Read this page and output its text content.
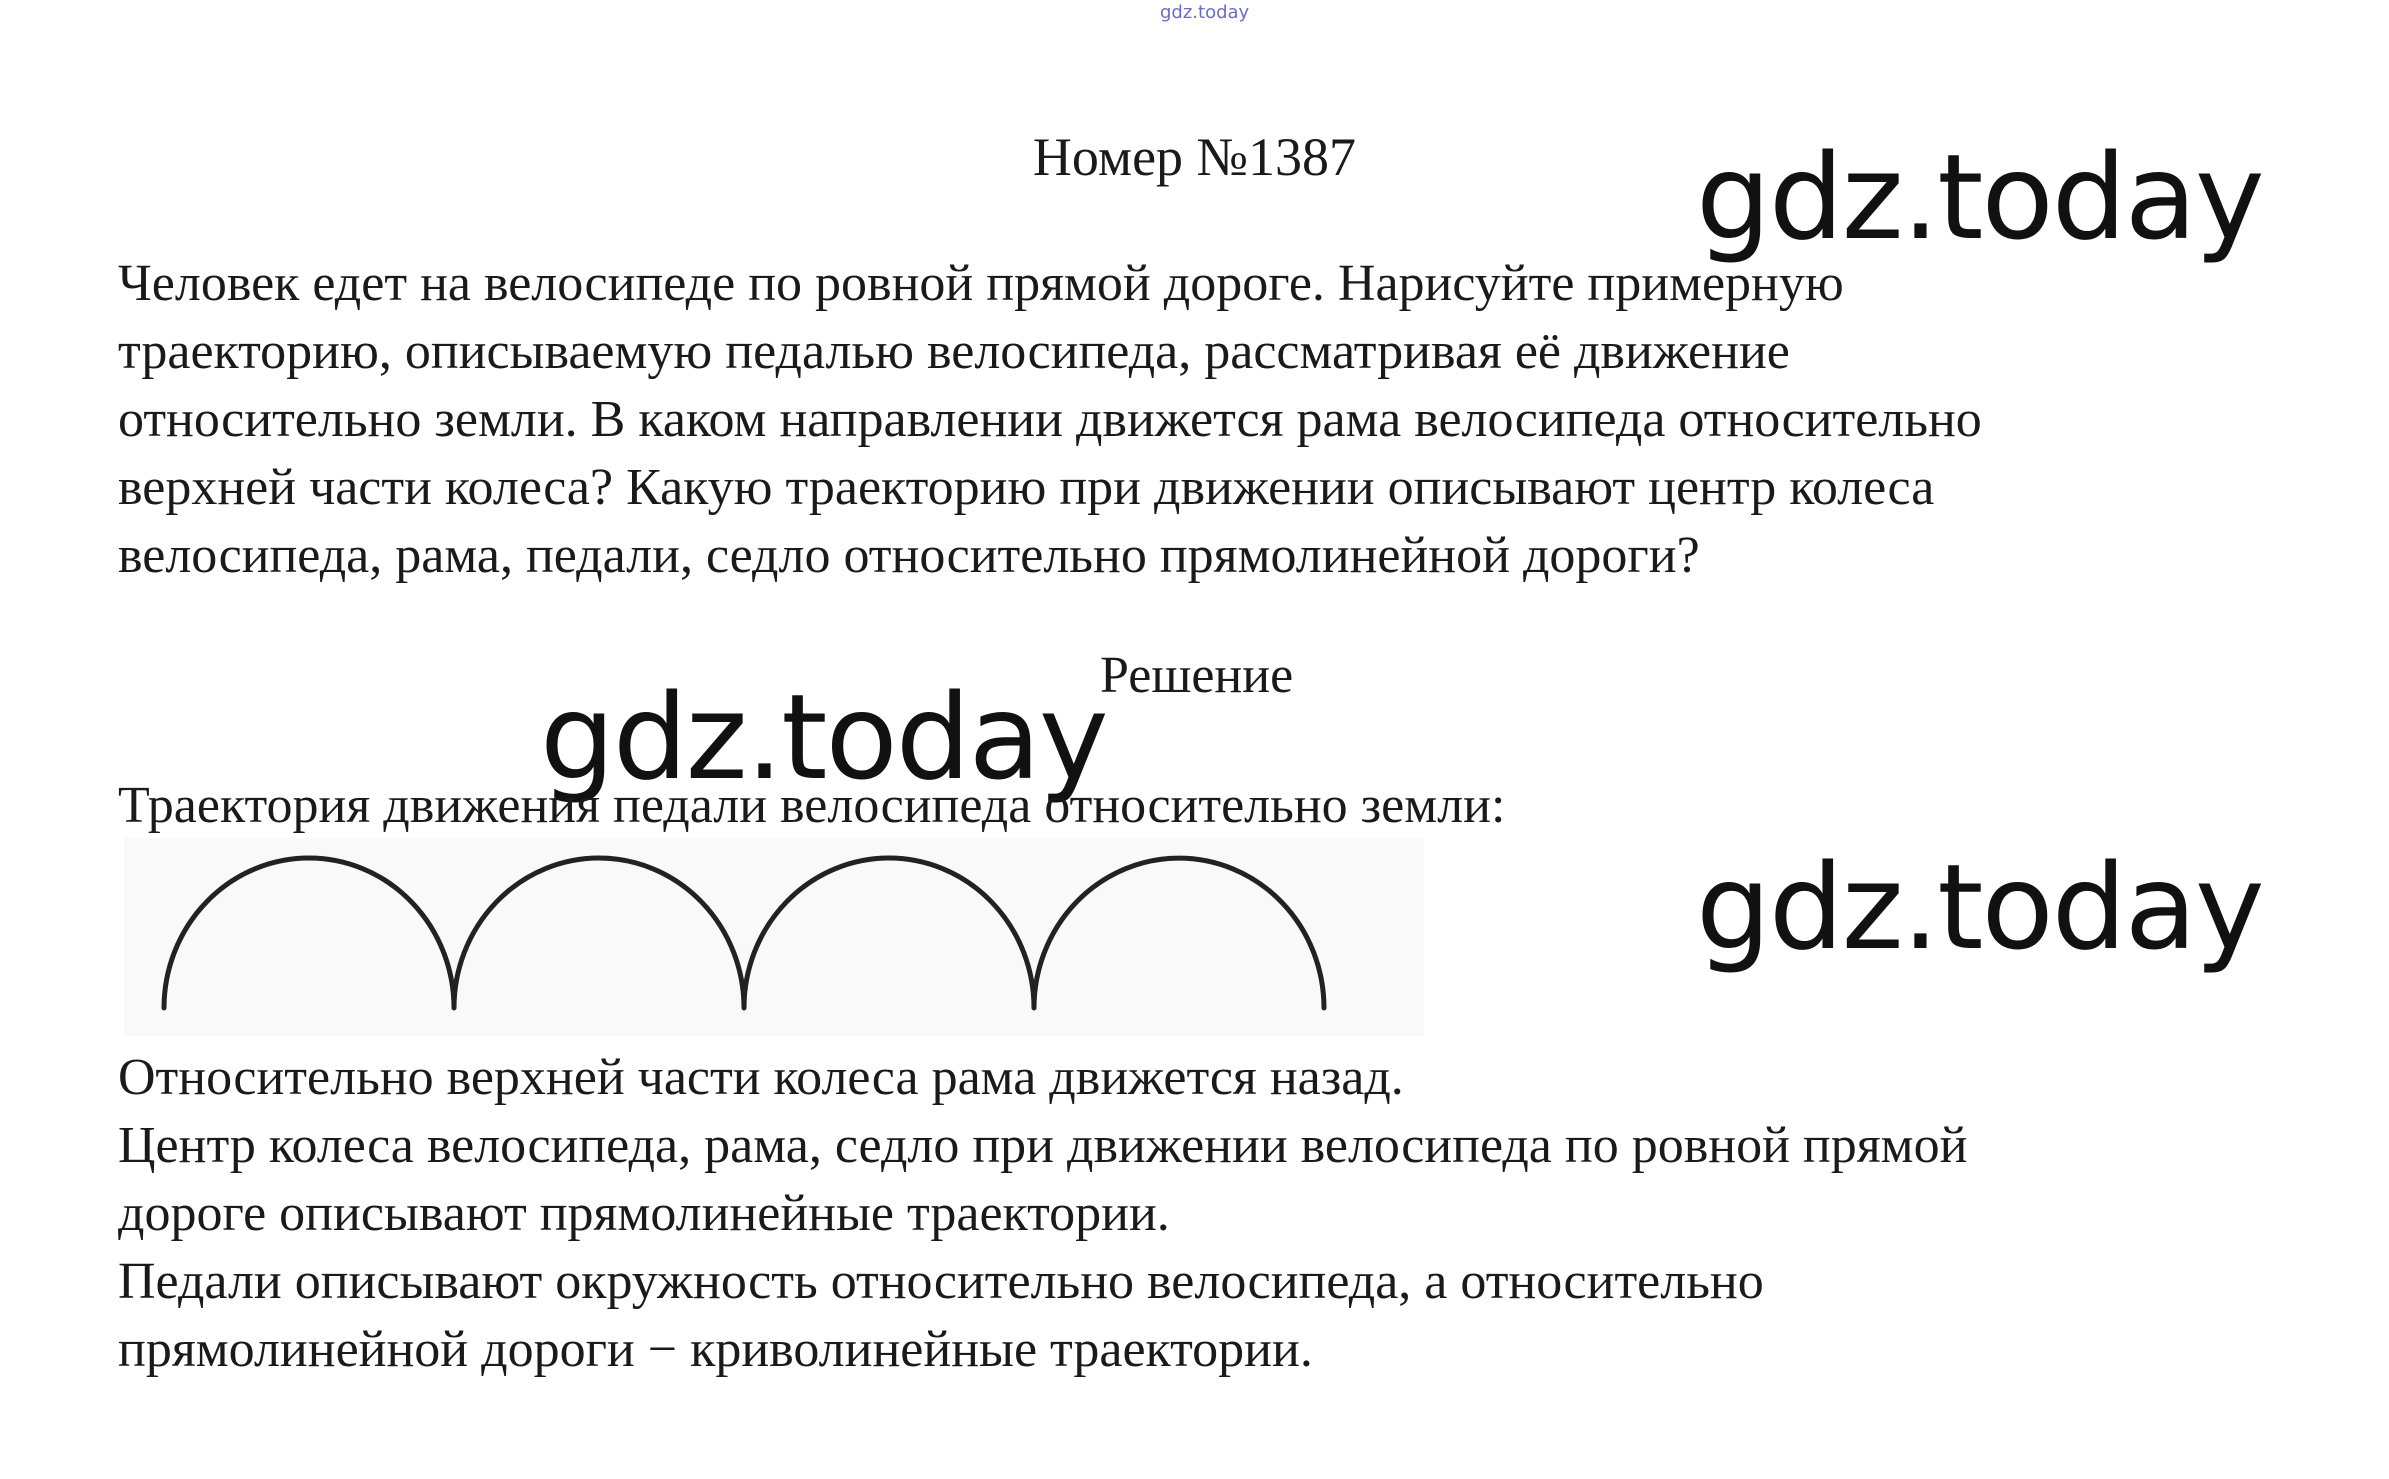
gdz.today
Номер №1387	gdz.today

Человек едет на велосипеде по ровной прямой дороге. Нарисуйте примерную
траекторию, описываемую педалью велосипеда, рассматривая её движение
относительно земли. В каком направлении движется рама велосипеда относительно
верхней части колеса? Какую траекторию при движении описывают центр колеса
велосипеда, рама, педали, седло относительно прямолинейной дороги?

Решение
gdz.today

Траектория движения педали велосипеда относительно земли:

gdz.today

Относительно верхней части колеса рама движется назад.
Центр колеса велосипеда, рама, седло при движении велосипеда по ровной прямой
дороге описывают прямолинейные траектории.
Педали описывают окружность относительно велосипеда, а относительно
прямолинейной дороги − криволинейные траектории.
